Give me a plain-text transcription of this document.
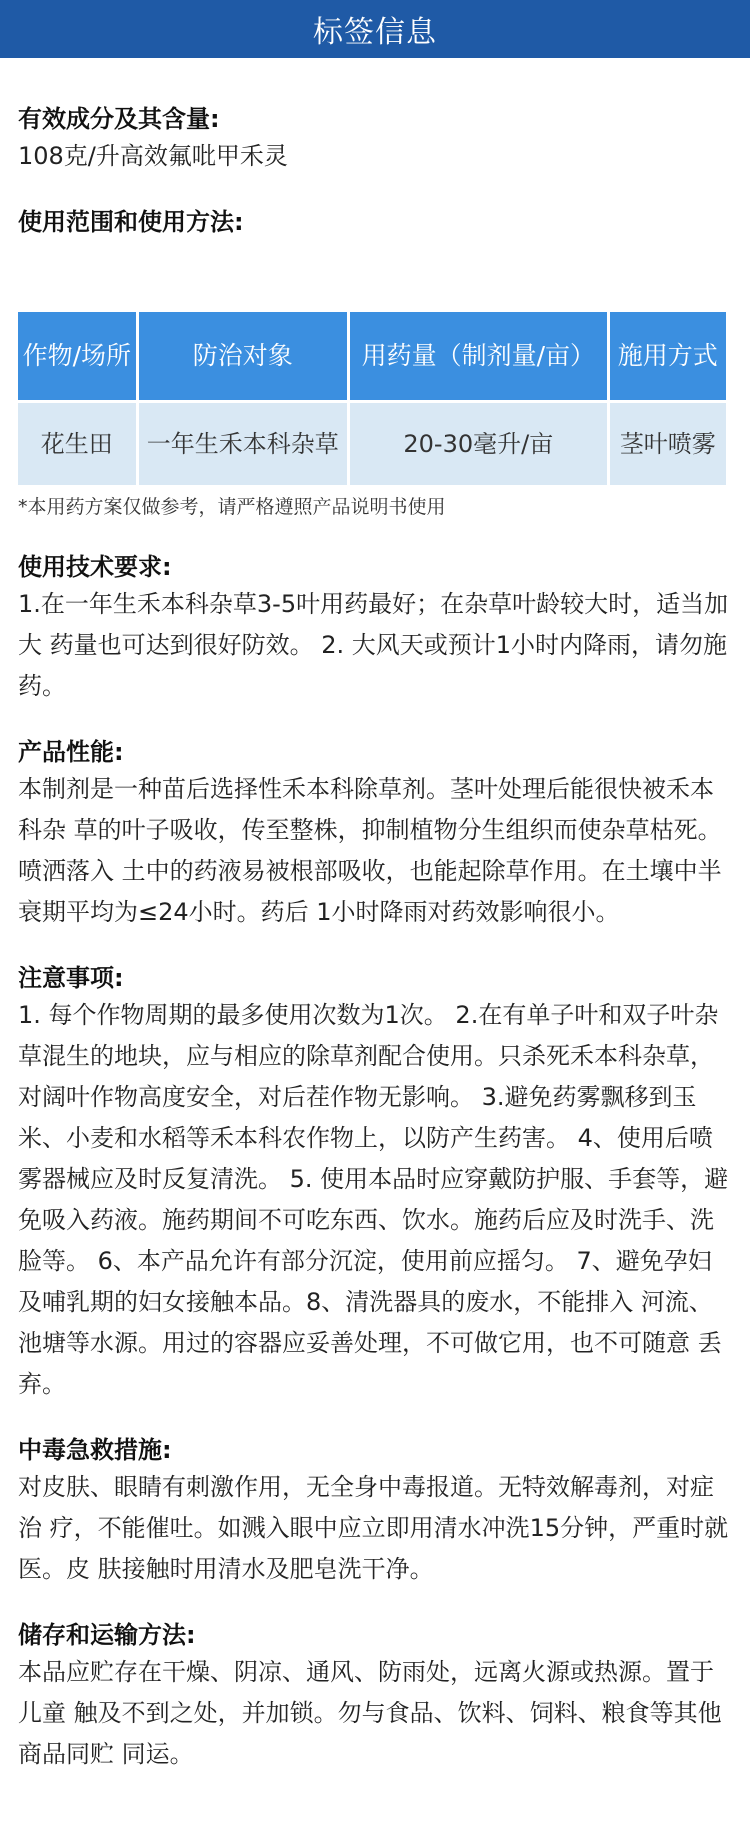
标签信息

有效成分及其含量:

108克/升高效氟吡甲禾灵

使用范围和使用方法:

作物/场所	防治对象	用药量（制剂量/亩）	施用方式
花生田	一年生禾本科杂草	20-30毫升/亩	茎叶喷雾

*本用药方案仅做参考，请严格遵照产品说明书使用

使用技术要求:

1.在一年生禾本科杂草3-5叶用药最好；在杂草叶龄较大时，适当加大 药量也可达到很好防效。 2. 大风天或预计1小时内降雨，请勿施药。

产品性能:

本制剂是一种苗后选择性禾本科除草剂。茎叶处理后能很快被禾本科杂 草的叶子吸收，传至整株，抑制植物分生组织而使杂草枯死。喷洒落入 土中的药液易被根部吸收，也能起除草作用。在土壤中半衰期平均为≤24小时。药后 1小时降雨对药效影响很小。

注意事项:

1. 每个作物周期的最多使用次数为1次。 2.在有单子叶和双子叶杂草混生的地块，应与相应的除草剂配合使用。只杀死禾本科杂草，对阔叶作物高度安全，对后茬作物无影响。 3.避免药雾飘移到玉米、小麦和水稻等禾本科农作物上，以防产生药害。 4、使用后喷雾器械应及时反复清洗。 5. 使用本品时应穿戴防护服、手套等，避免吸入药液。施药期间不可吃东西、饮水。施药后应及时洗手、洗脸等。 6、本产品允许有部分沉淀，使用前应摇匀。 7、避免孕妇及哺乳期的妇女接触本品。8、清洗器具的废水，不能排入 河流、池塘等水源。用过的容器应妥善处理，不可做它用，也不可随意 丢弃。

中毒急救措施:

对皮肤、眼睛有刺激作用，无全身中毒报道。无特效解毒剂，对症治 疗，不能催吐。如溅入眼中应立即用清水冲洗15分钟，严重时就医。皮 肤接触时用清水及肥皂洗干净。

储存和运输方法:

本品应贮存在干燥、阴凉、通风、防雨处，远离火源或热源。置于儿童 触及不到之处，并加锁。勿与食品、饮料、饲料、粮食等其他商品同贮 同运。
